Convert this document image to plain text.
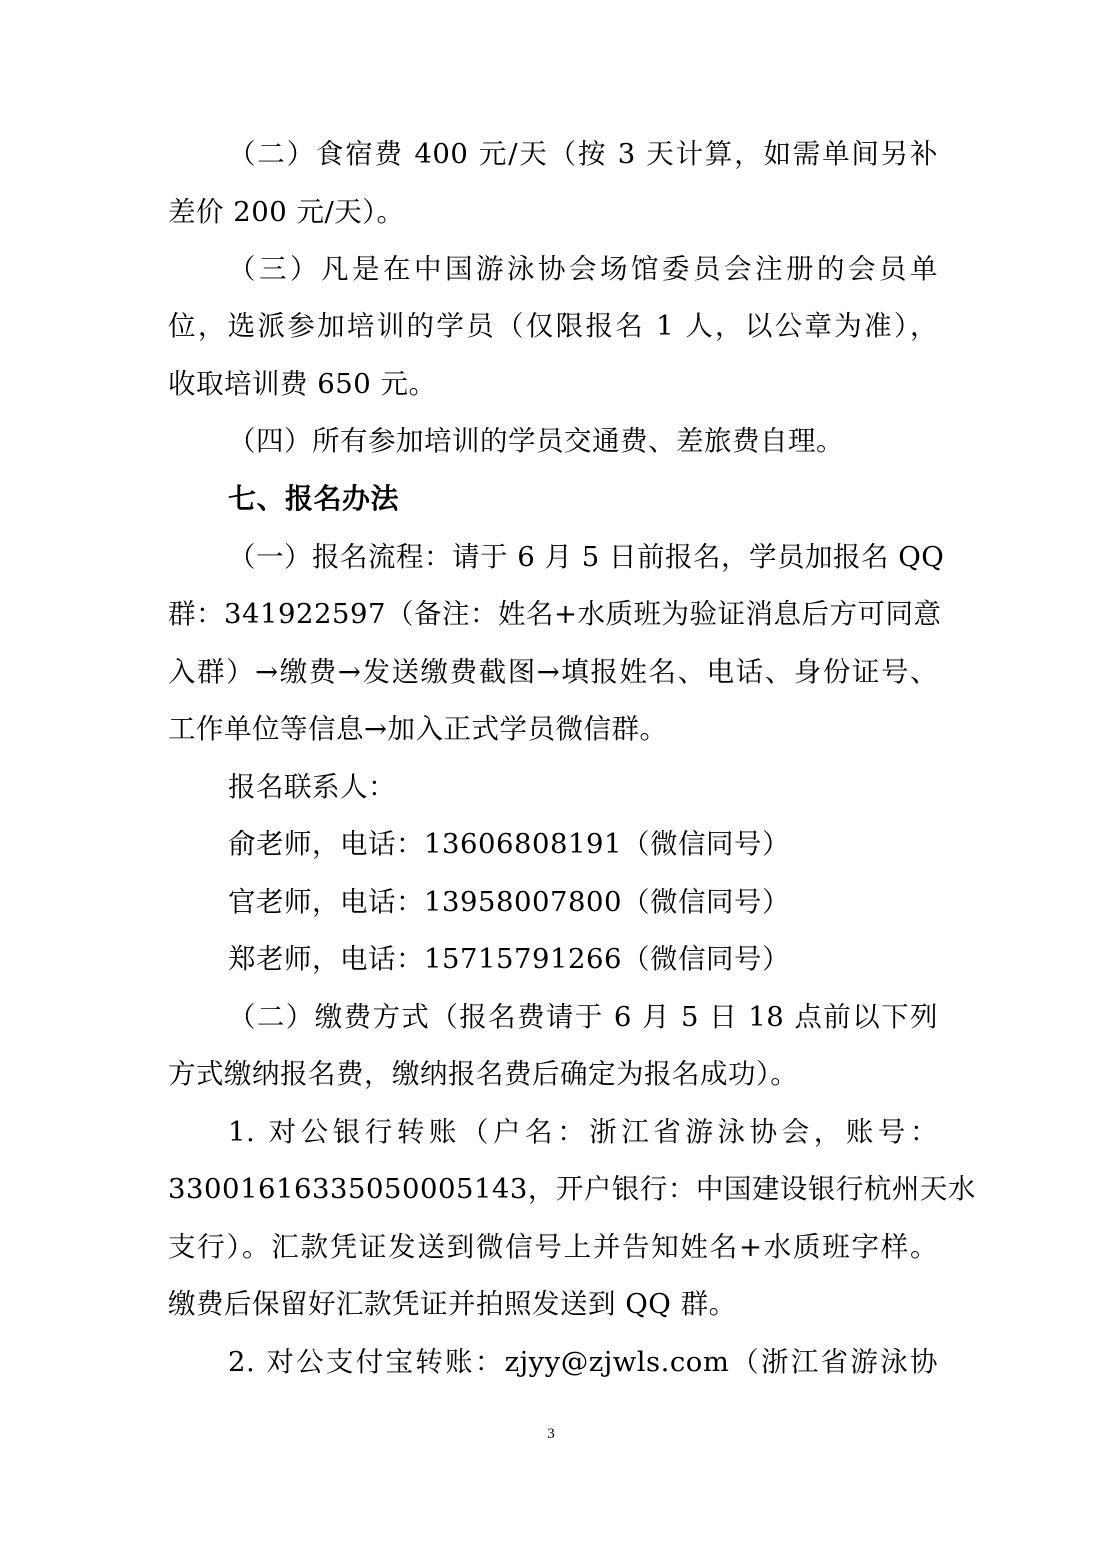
（二）食宿费 400 元/天（按 3 天计算，如需单间另补
差价 200 元/天）。
（三）凡是在中国游泳协会场馆委员会注册的会员单
位，选派参加培训的学员（仅限报名 1 人，以公章为准），
收取培训费 650 元。
（四）所有参加培训的学员交通费、差旅费自理。
七、报名办法
（一）报名流程：请于 6 月 5 日前报名，学员加报名 QQ
群：341922597（备注：姓名+水质班为验证消息后方可同意
入群）→缴费→发送缴费截图→填报姓名、电话、身份证号、
工作单位等信息→加入正式学员微信群。
报名联系人：
俞老师，电话：13606808191（微信同号）
官老师，电话：13958007800（微信同号）
郑老师，电话：15715791266（微信同号）
（二）缴费方式（报名费请于 6 月 5 日 18 点前以下列
方式缴纳报名费，缴纳报名费后确定为报名成功）。
1. 对公银行转账（户名：浙江省游泳协会，账号：
33001616335050005143，开户银行：中国建设银行杭州天水
支行）。汇款凭证发送到微信号上并告知姓名+水质班字样。
缴费后保留好汇款凭证并拍照发送到 QQ 群。
2. 对公支付宝转账：zjyy@zjwls.com（浙江省游泳协
3
